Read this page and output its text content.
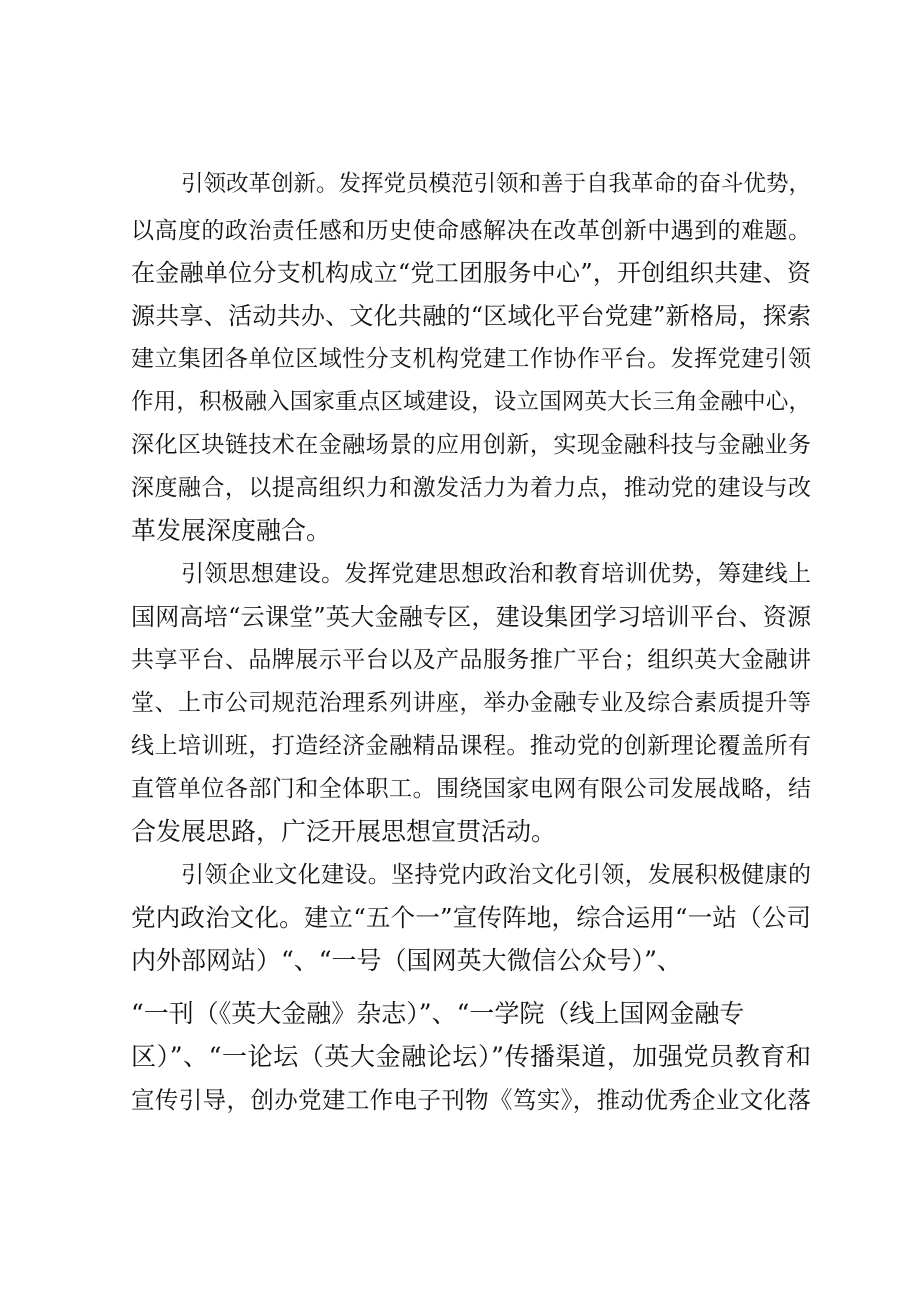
引领改革创新。发挥党员模范引领和善于自我革命的奋斗优势，
以高度的政治责任感和历史使命感解决在改革创新中遇到的难题。
在金融单位分支机构成立“党工团服务中心”，开创组织共建、资
源共享、活动共办、文化共融的“区域化平台党建”新格局，探索
建立集团各单位区域性分支机构党建工作协作平台。发挥党建引领
作用，积极融入国家重点区域建设，设立国网英大长三角金融中心，
深化区块链技术在金融场景的应用创新，实现金融科技与金融业务
深度融合，以提高组织力和激发活力为着力点，推动党的建设与改
革发展深度融合。
引领思想建设。发挥党建思想政治和教育培训优势，筹建线上
国网高培“云课堂”英大金融专区，建设集团学习培训平台、资源
共享平台、品牌展示平台以及产品服务推广平台；组织英大金融讲
堂、上市公司规范治理系列讲座，举办金融专业及综合素质提升等
线上培训班，打造经济金融精品课程。推动党的创新理论覆盖所有
直管单位各部门和全体职工。围绕国家电网有限公司发展战略，结
合发展思路，广泛开展思想宣贯活动。
引领企业文化建设。坚持党内政治文化引领，发展积极健康的
党内政治文化。建立“五个一”宣传阵地，综合运用“一站（公司
内外部网站）“、“一号（国网英大微信公众号）”、
“一刊（《英大金融》杂志）”、“一学院（线上国网金融专
区）”、“一论坛（英大金融论坛）”传播渠道，加强党员教育和
宣传引导，创办党建工作电子刊物《笃实》，推动优秀企业文化落
